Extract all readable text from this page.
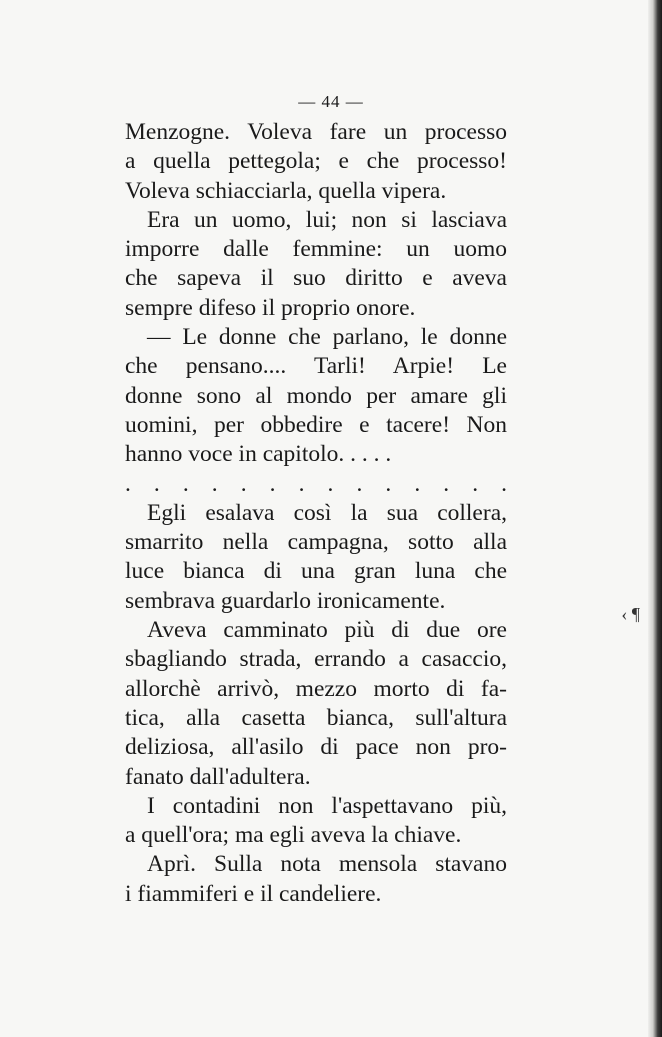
— 44 —

Menzogne. Voleva fare un processo
a quella pettegola; e che processo!
Voleva schiacciarla, quella vipera.

Era un uomo, lui; non si lasciava
imporre dalle femmine: un uomo
che sapeva il suo diritto e aveva
sempre difeso il proprio onore.

— Le donne che parlano, le donne
che pensano.... Tarli! Arpie! Le
donne sono al mondo per amare gli
uomini, per obbedire e tacere! Non
hanno voce in capitolo. . . . .

. . . . . . . . . . . . . .

Egli esalava così la sua collera,
smarrito nella campagna, sotto alla
luce bianca di una gran luna che
sembrava guardarlo ironicamente.

Aveva camminato più di due ore
sbagliando strada, errando a casaccio,
allorchè arrivò, mezzo morto di fa-
tica, alla casetta bianca, sull'altura
deliziosa, all'asilo di pace non pro-
fanato dall'adultera.

I contadini non l'aspettavano più,
a quell'ora; ma egli aveva la chiave.

Aprì. Sulla nota mensola stavano
i fiammiferi e il candeliere.

‹ ¶
